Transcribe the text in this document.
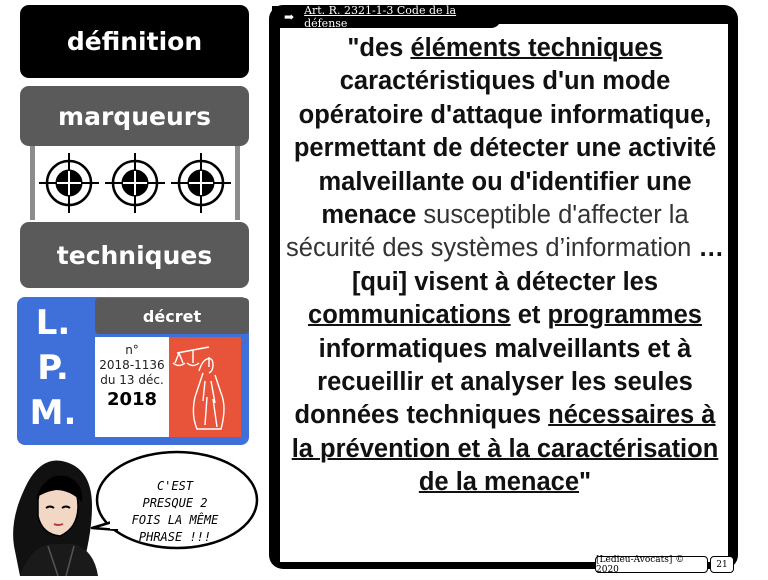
définition
marqueurs
techniques
L.
P.
M.
décret
n°
2018-1136
du 13 déc.
2018
C'EST
PRESQUE 2
FOIS LA MÊME
PHRASE !!!
➡ Art. R. 2321-1-3 Code de la défense

"des éléments techniques caractéristiques d'un mode opératoire d'attaque informatique, permettant de détecter une activité malveillante ou d'identifier une menace susceptible d'affecter la sécurité des systèmes d’information … [qui] visent à détecter les communications et programmes informatiques malveillants et à recueillir et analyser les seules données techniques nécessaires à la prévention et à la caractérisation de la menace"

[Ledieu-Avocats] © 2020	21
